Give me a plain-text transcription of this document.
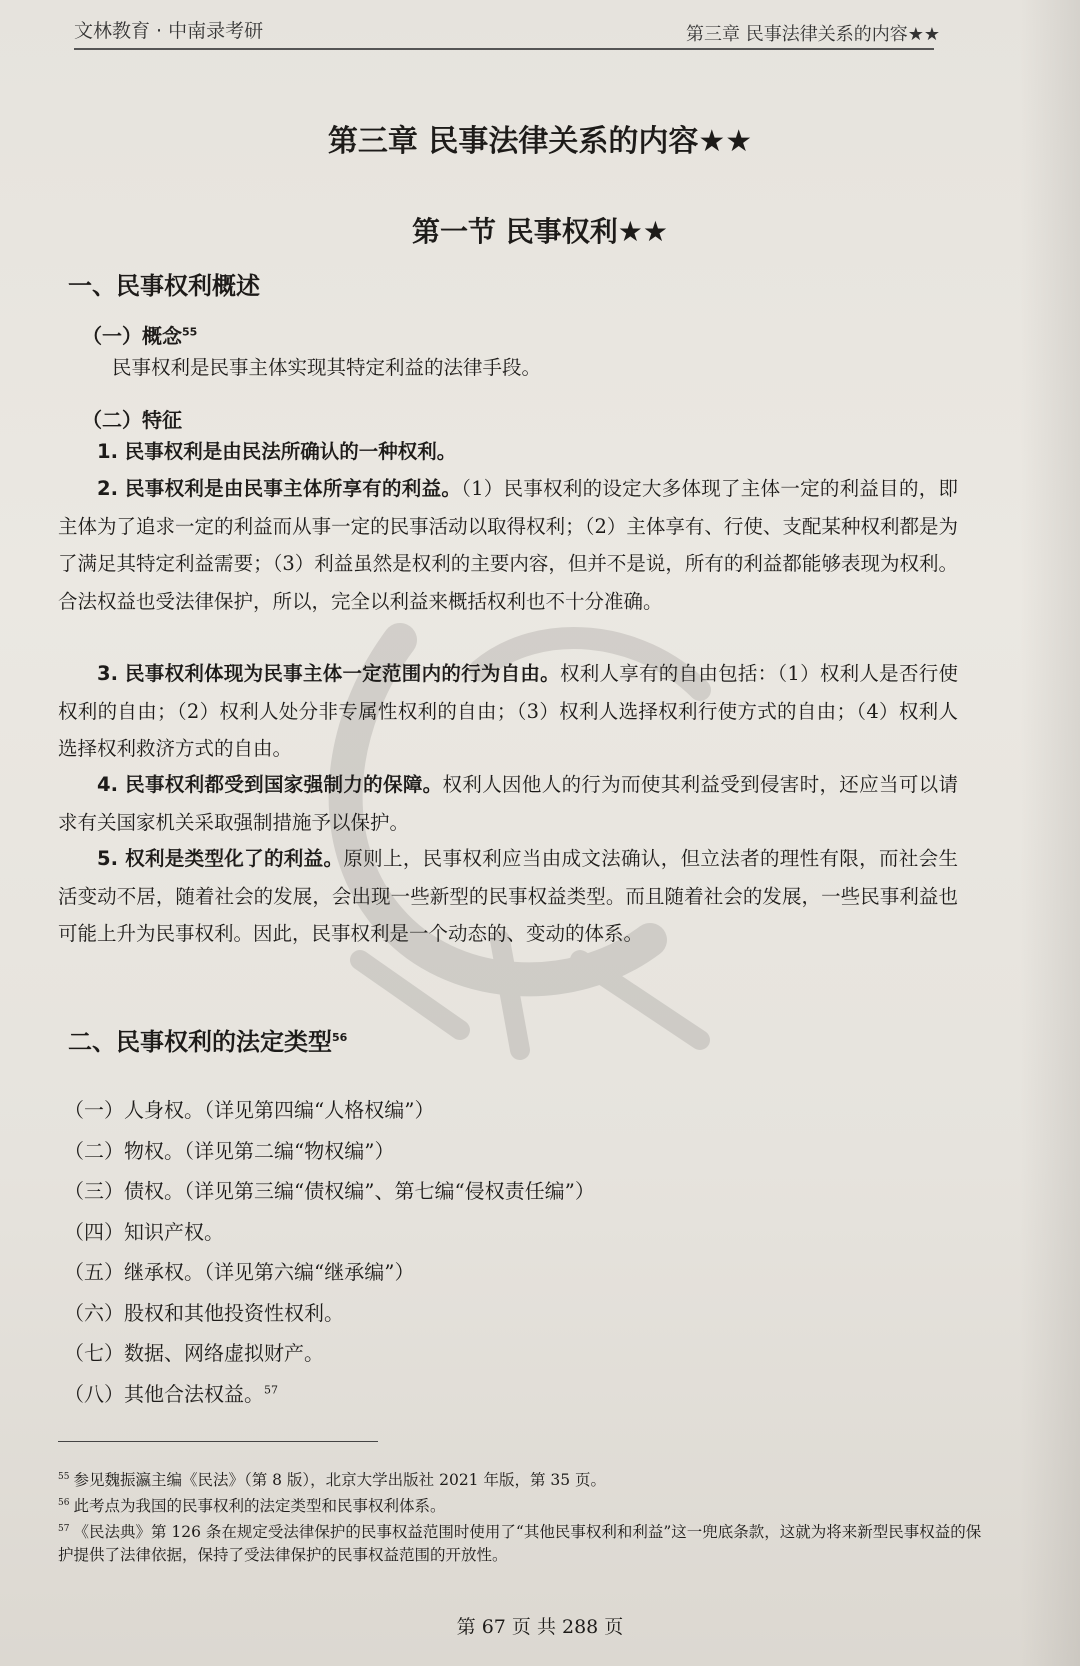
文林教育 · 中南录考研	第三章 民事法律关系的内容★★
第三章 民事法律关系的内容★★
第一节 民事权利★★
一、民事权利概述
（一）概念$^{55}$
民事权利是民事主体实现其特定利益的法律手段。
（二）特征

1. 民事权利是由民法所确认的一种权利。

2. 民事权利是由民事主体所享有的利益。（1）民事权利的设定大多体现了主体一定的利益目的，即主体为了追求一定的利益而从事一定的民事活动以取得权利；（2）主体享有、行使、支配某种权利都是为了满足其特定利益需要；（3）利益虽然是权利的主要内容，但并不是说，所有的利益都能够表现为权利。合法权益也受法律保护，所以，完全以利益来概括权利也不十分准确。

3. 民事权利体现为民事主体一定范围内的行为自由。权利人享有的自由包括：（1）权利人是否行使权利的自由；（2）权利人处分非专属性权利的自由；（3）权利人选择权利行使方式的自由；（4）权利人选择权利救济方式的自由。

4. 民事权利都受到国家强制力的保障。权利人因他人的行为而使其利益受到侵害时，还应当可以请求有关国家机关采取强制措施予以保护。

5. 权利是类型化了的利益。原则上，民事权利应当由成文法确认，但立法者的理性有限，而社会生活变动不居，随着社会的发展，会出现一些新型的民事权益类型。而且随着社会的发展，一些民事利益也可能上升为民事权利。因此，民事权利是一个动态的、变动的体系。

二、民事权利的法定类型$^{56}$
（一）人身权。（详见第四编“人格权编”）
（二）物权。（详见第二编“物权编”）
（三）债权。（详见第三编“债权编”、第七编“侵权责任编”）
（四）知识产权。
（五）继承权。（详见第六编“继承编”）
（六）股权和其他投资性权利。
（七）数据、网络虚拟财产。
（八）其他合法权益。$^{57}$
$^{55}$ 参见魏振瀛主编《民法》（第 8 版），北京大学出版社 2021 年版，第 35 页。
$^{56}$ 此考点为我国的民事权利的法定类型和民事权利体系。
$^{57}$ 《民法典》第 126 条在规定受法律保护的民事权益范围时使用了“其他民事权利和利益”这一兜底条款，这就为将来新型民事权益的保护提供了法律依据，保持了受法律保护的民事权益范围的开放性。
第 67 页 共 288 页
